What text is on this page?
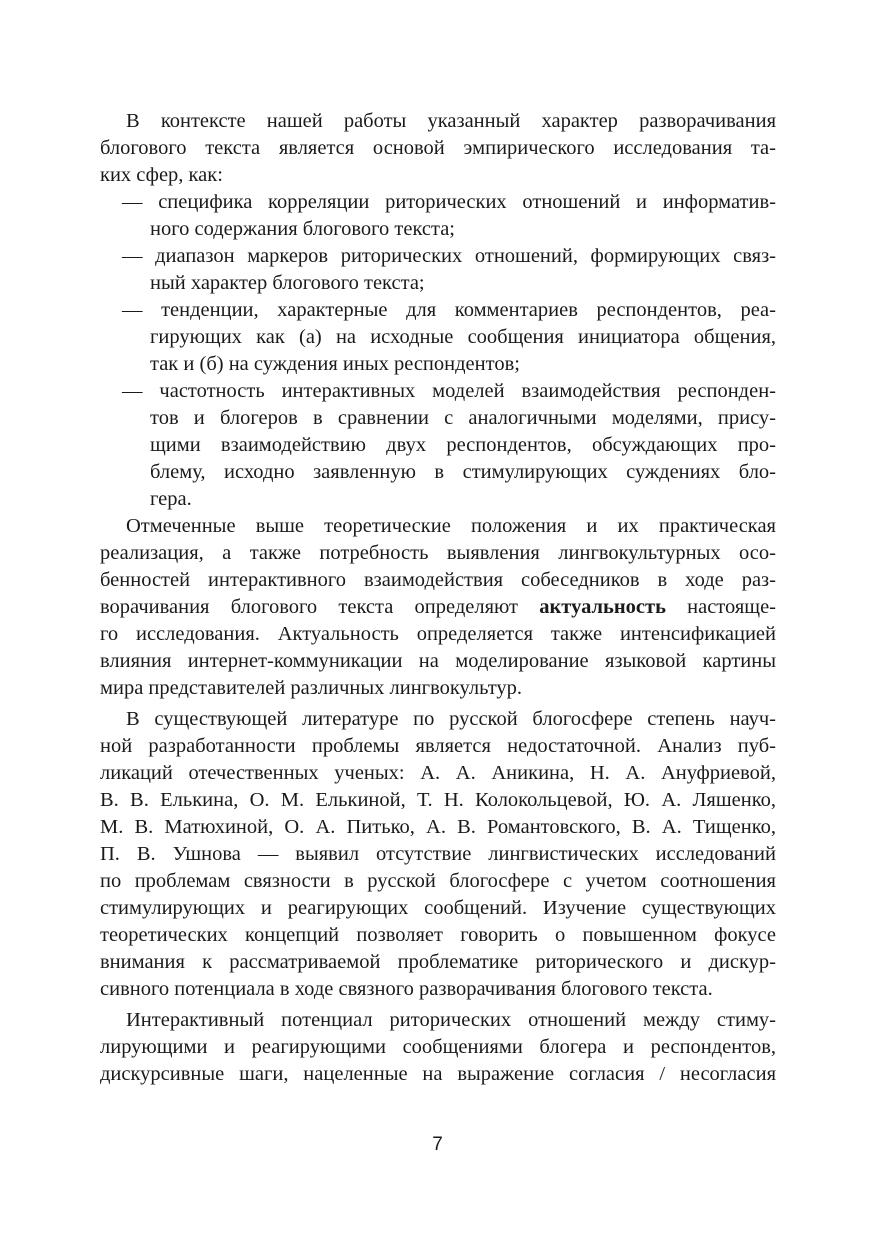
В контексте нашей работы указанный характер разворачивания
блогового текста является основой эмпирического исследования та-
ких сфер, как:
— специфика корреляции риторических отношений и информатив-
ного содержания блогового текста;
— диапазон маркеров риторических отношений, формирующих связ-
ный характер блогового текста;
— тенденции, характерные для комментариев респондентов, реа-
гирующих как (а) на исходные сообщения инициатора общения,
так и (б) на суждения иных респондентов;
— частотность интерактивных моделей взаимодействия респонден-
тов и блогеров в сравнении с аналогичными моделями, прису-
щими взаимодействию двух респондентов, обсуждающих про-
блему, исходно заявленную в стимулирующих суждениях бло-
гера.
Отмеченные выше теоретические положения и их практическая
реализация, а также потребность выявления лингвокультурных осо-
бенностей интерактивного взаимодействия собеседников в ходе раз-
ворачивания блогового текста определяют актуальность настояще-
го исследования. Актуальность определяется также интенсификацией
влияния интернет-коммуникации на моделирование языковой картины
мира представителей различных лингвокультур.
В существующей литературе по русской блогосфере степень науч-
ной разработанности проблемы является недостаточной. Анализ пуб-
ликаций отечественных ученых: А. А. Аникина, Н. А. Ануфриевой,
В. В. Елькина, О. М. Елькиной, Т. Н. Колокольцевой, Ю. А. Ляшенко,
М. В. Матюхиной, О. А. Питько, А. В. Романтовского, В. А. Тищенко,
П. В. Ушнова — выявил отсутствие лингвистических исследований
по проблемам связности в русской блогосфере с учетом соотношения
стимулирующих и реагирующих сообщений. Изучение существующих
теоретических концепций позволяет говорить о повышенном фокусе
внимания к рассматриваемой проблематике риторического и дискур-
сивного потенциала в ходе связного разворачивания блогового текста.
Интерактивный потенциал риторических отношений между стиму-
лирующими и реагирующими сообщениями блогера и респондентов,
дискурсивные шаги, нацеленные на выражение согласия / несогласия
7
